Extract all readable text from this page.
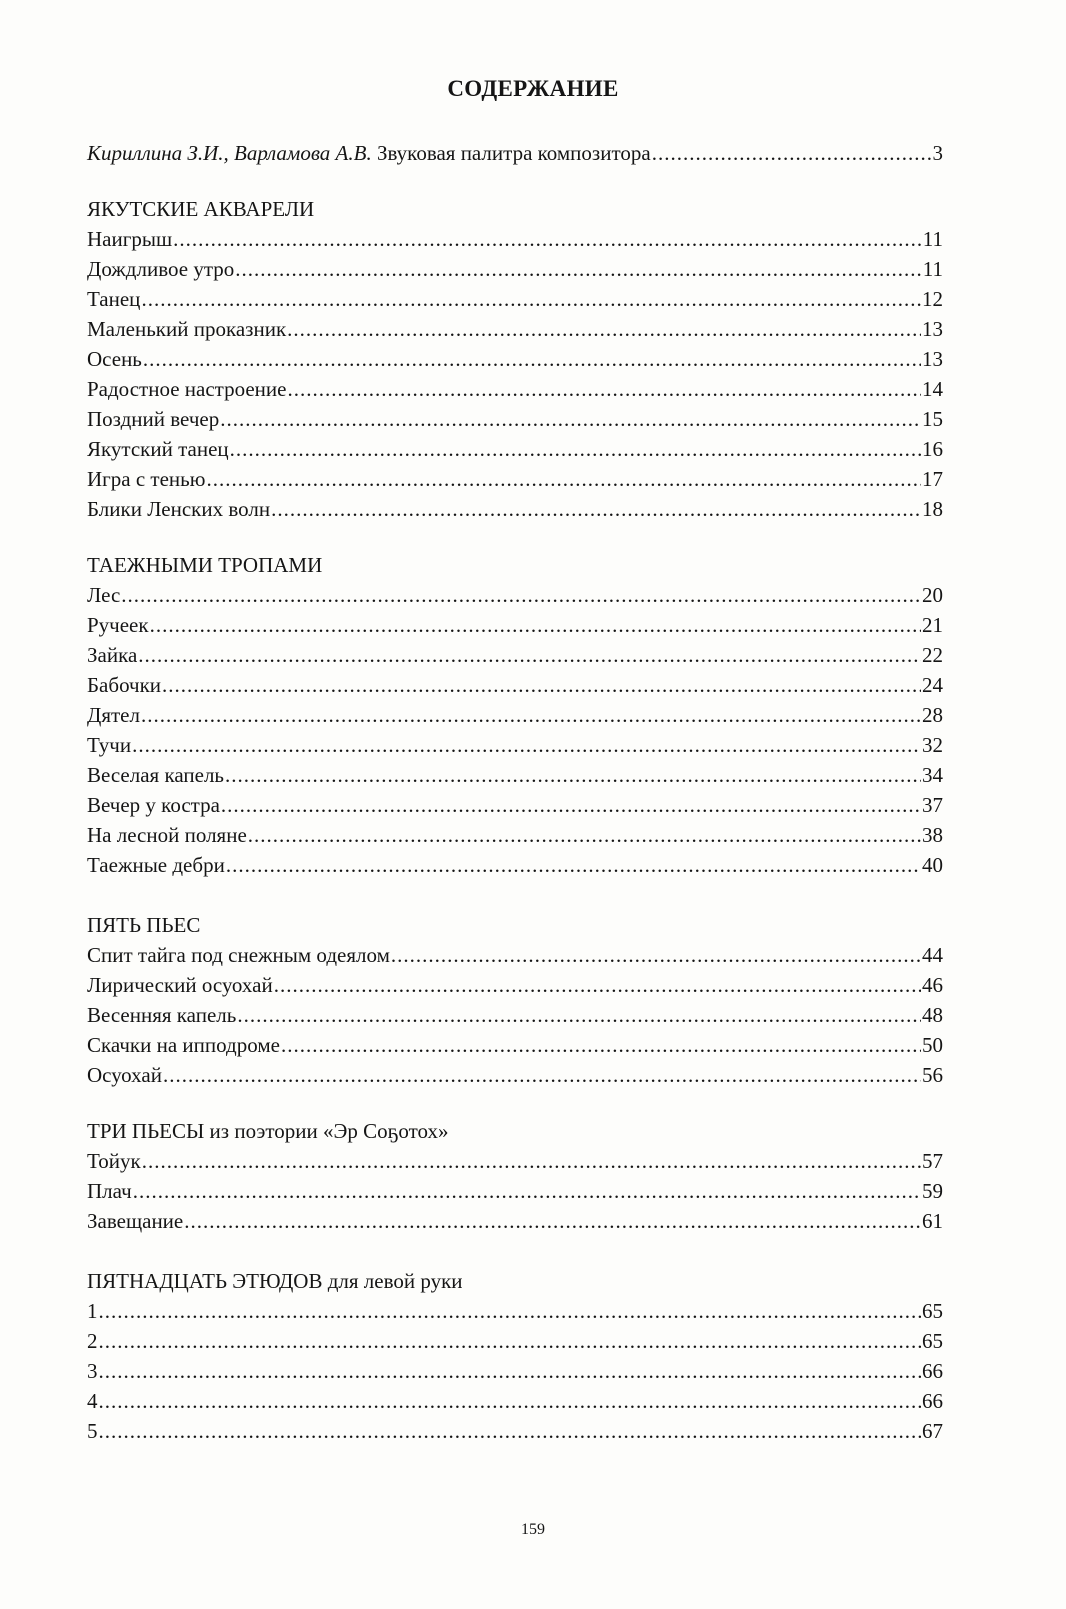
СОДЕРЖАНИЕ
Кириллина З.И., Варламова А.В. Звуковая палитра композитора .....	3
ЯКУТСКИЕ АКВАРЕЛИ
Наигрыш .....	11
Дождливое утро .....	11
Танец .....	12
Маленький проказник .....	13
Осень .....	13
Радостное настроение .....	14
Поздний вечер .....	15
Якутский танец .....	16
Игра с тенью .....	17
Блики Ленских волн .....	18
ТАЕЖНЫМИ ТРОПАМИ
Лес .....	20
Ручеек .....	21
Зайка .....	22
Бабочки .....	24
Дятел .....	28
Тучи .....	32
Веселая капель .....	34
Вечер у костра .....	37
На лесной поляне .....	38
Таежные дебри .....	40
ПЯТЬ ПЬЕС
Спит тайга под снежным одеялом .....	44
Лирический осуохай .....	46
Весенняя капель .....	48
Скачки на ипподроме .....	50
Осуохай .....	56
ТРИ ПЬЕСЫ из поэтории «Эр Соҕотох»
Тойук .....	57
Плач .....	59
Завещание .....	61
ПЯТНАДЦАТЬ ЭТЮДОВ для левой руки
1 .....	65
2 .....	65
3 .....	66
4 .....	66
5 .....	67
159
